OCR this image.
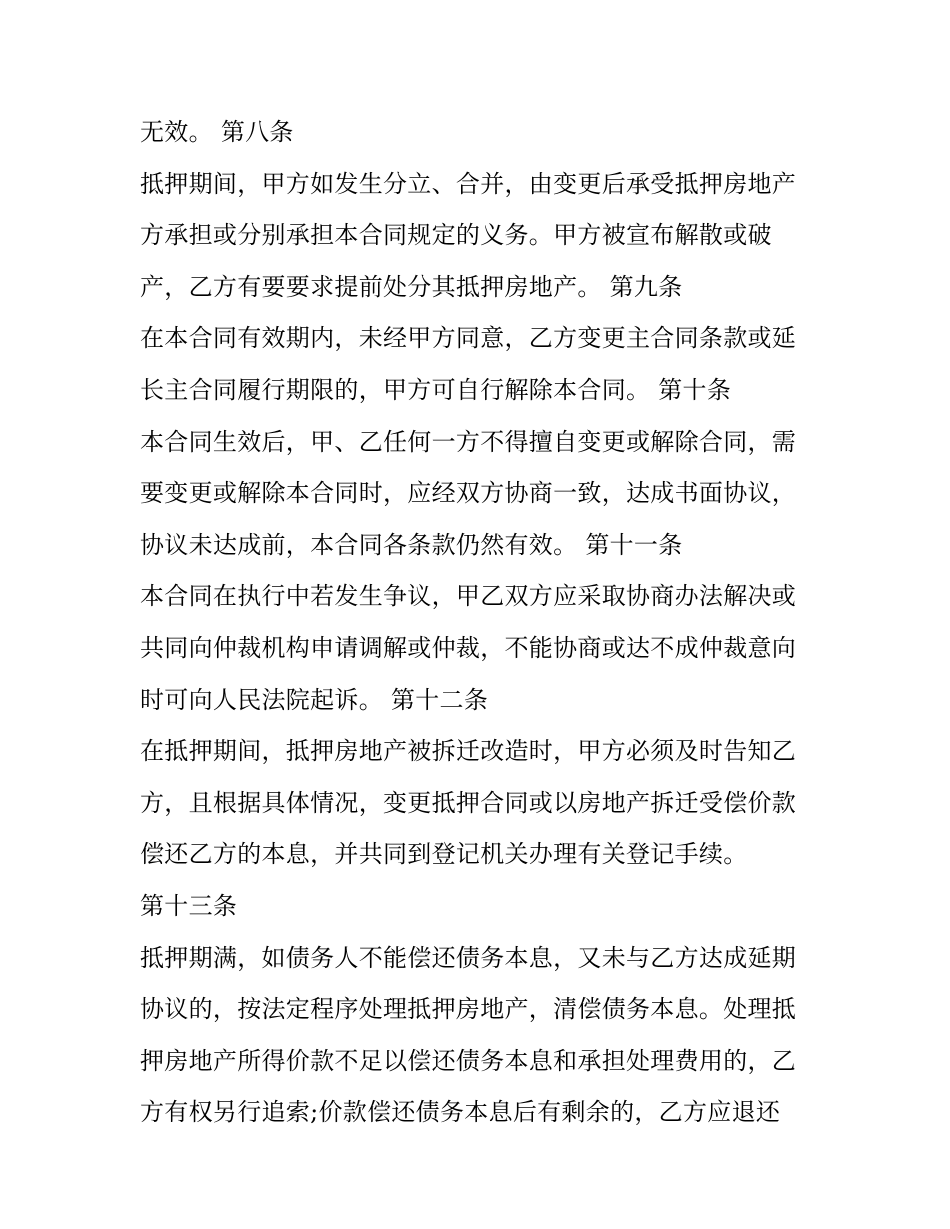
无效。 第八条
抵押期间，甲方如发生分立、合并，由变更后承受抵押房地产
方承担或分别承担本合同规定的义务。甲方被宣布解散或破
产，乙方有要要求提前处分其抵押房地产。 第九条
在本合同有效期内，未经甲方同意，乙方变更主合同条款或延
长主合同履行期限的，甲方可自行解除本合同。 第十条
本合同生效后，甲、乙任何一方不得擅自变更或解除合同，需
要变更或解除本合同时，应经双方协商一致，达成书面协议，
协议未达成前，本合同各条款仍然有效。 第十一条
本合同在执行中若发生争议，甲乙双方应采取协商办法解决或
共同向仲裁机构申请调解或仲裁，不能协商或达不成仲裁意向
时可向人民法院起诉。 第十二条
在抵押期间，抵押房地产被拆迁改造时，甲方必须及时告知乙
方，且根据具体情况，变更抵押合同或以房地产拆迁受偿价款
偿还乙方的本息，并共同到登记机关办理有关登记手续。
第十三条
抵押期满，如债务人不能偿还债务本息，又未与乙方达成延期
协议的，按法定程序处理抵押房地产，清偿债务本息。处理抵
押房地产所得价款不足以偿还债务本息和承担处理费用的，乙
方有权另行追索;价款偿还债务本息后有剩余的，乙方应退还
